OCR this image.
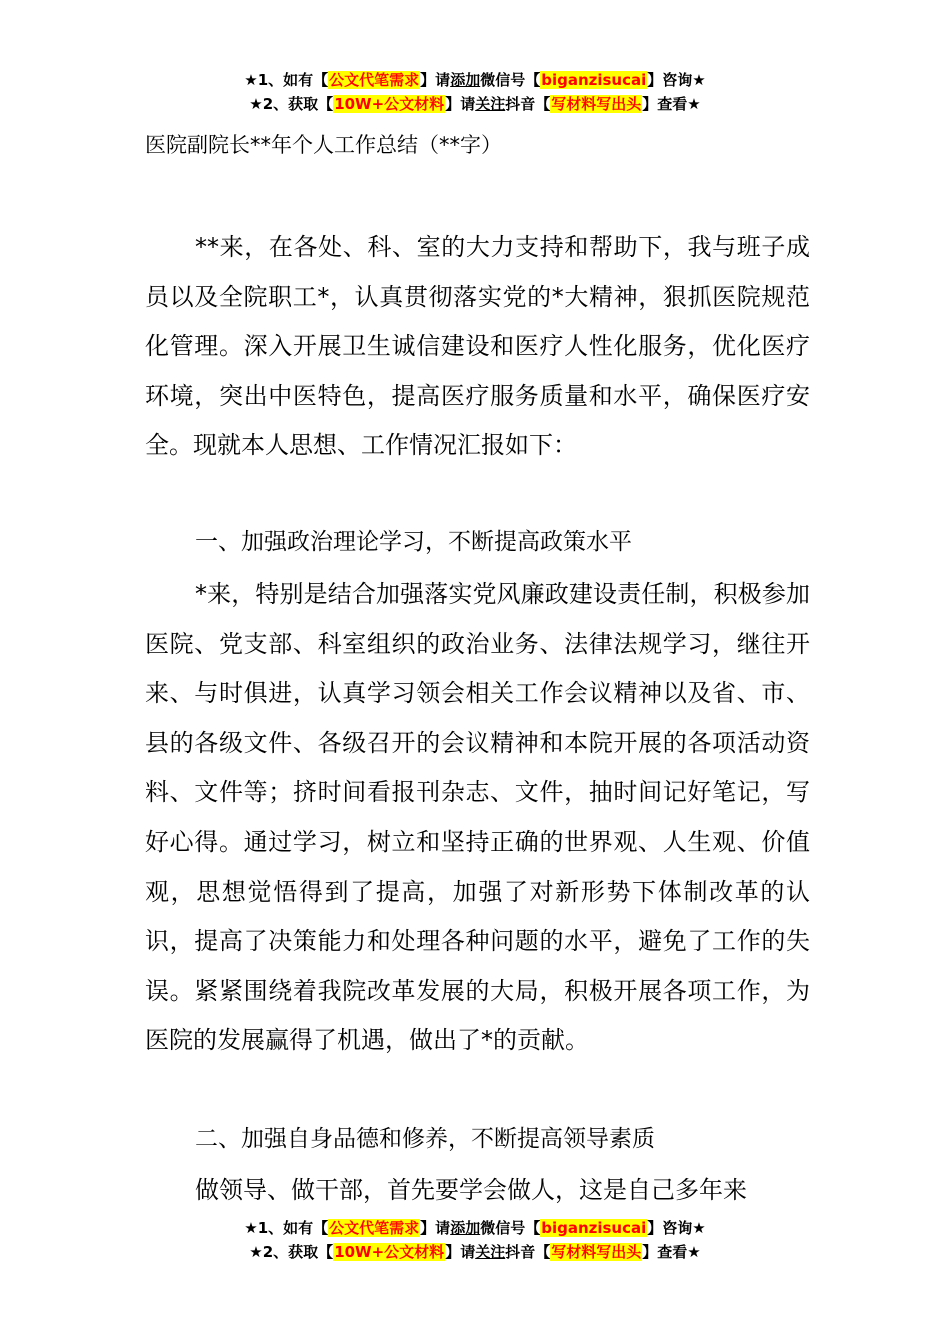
★1、如有【公文代笔需求】请添加微信号【biganzisucai】咨询★
★2、获取【10W+公文材料】请关注抖音【写材料写出头】查看★
医院副院长**年个人工作总结（**字）

**来，在各处、科、室的大力支持和帮助下，我与班子成员以及全院职工*，认真贯彻落实党的*大精神，狠抓医院规范化管理。深入开展卫生诚信建设和医疗人性化服务，优化医疗环境，突出中医特色，提高医疗服务质量和水平，确保医疗安全。现就本人思想、工作情况汇报如下：

一、加强政治理论学习，不断提高政策水平

*来，特别是结合加强落实党风廉政建设责任制，积极参加医院、党支部、科室组织的政治业务、法律法规学习，继往开来、与时俱进，认真学习领会相关工作会议精神以及省、市、县的各级文件、各级召开的会议精神和本院开展的各项活动资料、文件等；挤时间看报刊杂志、文件，抽时间记好笔记，写好心得。通过学习，树立和坚持正确的世界观、人生观、价值观，思想觉悟得到了提高，加强了对新形势下体制改革的认识，提高了决策能力和处理各种问题的水平，避免了工作的失误。紧紧围绕着我院改革发展的大局，积极开展各项工作，为医院的发展赢得了机遇，做出了*的贡献。

二、加强自身品德和修养，不断提高领导素质

做领导、做干部，首先要学会做人，这是自己多年来

★1、如有【公文代笔需求】请添加微信号【biganzisucai】咨询★
★2、获取【10W+公文材料】请关注抖音【写材料写出头】查看★
